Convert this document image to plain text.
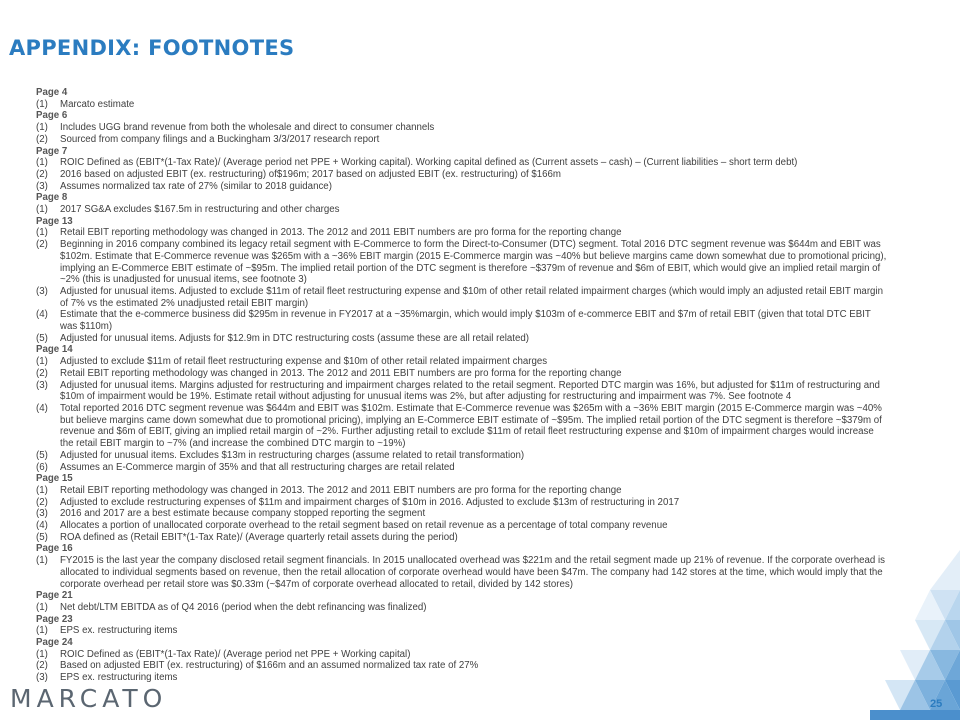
APPENDIX: FOOTNOTES
Page 4
(1)	Marcato estimate
Page 6
(1)	Includes UGG brand revenue from both the wholesale and direct to consumer channels
(2)	Sourced from company filings and a Buckingham 3/3/2017 research report
Page 7
(1)	ROIC Defined as (EBIT*(1-Tax Rate)/ (Average period net PPE + Working capital). Working capital defined as (Current assets – cash) – (Current liabilities – short term debt)
(2)	2016 based on adjusted EBIT (ex. restructuring) of$196m; 2017 based on adjusted EBIT (ex. restructuring) of $166m
(3)	Assumes normalized tax rate of 27% (similar to 2018 guidance)
Page 8
(1)	2017 SG&A excludes $167.5m in restructuring and other charges
Page 13
(1)	Retail EBIT reporting methodology was changed in 2013. The 2012 and 2011 EBIT numbers are pro forma for the reporting change
(2)	Beginning in 2016 company combined its legacy retail segment with E-Commerce to form the Direct-to-Consumer (DTC) segment. Total 2016 DTC segment revenue was $644m and EBIT was $102m. Estimate that E-Commerce revenue was $265m with a ~36% EBIT margin (2015 E-Commerce margin was ~40% but believe margins came down somewhat due to promotional pricing), implying an E-Commerce EBIT estimate of ~$95m. The implied retail portion of the DTC segment is therefore ~$379m of revenue and $6m of EBIT, which would give an implied retail margin of ~2% (this is unadjusted for unusual items, see footnote 3)
(3)	Adjusted for unusual items. Adjusted to exclude $11m of retail fleet restructuring expense and $10m of other retail related impairment charges (which would imply an adjusted retail EBIT margin of 7% vs the estimated 2% unadjusted retail EBIT margin)
(4)	Estimate that the e-commerce business did $295m in revenue in FY2017 at a ~35%margin, which would imply $103m of e-commerce EBIT and $7m of retail EBIT (given that total DTC EBIT was $110m)
(5)	Adjusted for unusual items. Adjusts for $12.9m in DTC restructuring costs (assume these are all retail related)
Page 14
(1)	Adjusted to exclude $11m of retail fleet restructuring expense and $10m of other retail related impairment charges
(2)	Retail EBIT reporting methodology was changed in 2013. The 2012 and 2011 EBIT numbers are pro forma for the reporting change
(3)	Adjusted for unusual items. Margins adjusted for restructuring and impairment charges related to the retail segment. Reported DTC margin was 16%, but adjusted for $11m of restructuring and $10m of impairment would be 19%. Estimate retail without adjusting for unusual items was 2%, but after adjusting for restructuring and impairment was 7%. See footnote 4
(4)	Total reported 2016 DTC segment revenue was $644m and EBIT was $102m. Estimate that E-Commerce revenue was $265m with a ~36% EBIT margin (2015 E-Commerce margin was ~40% but believe margins came down somewhat due to promotional pricing), implying an E-Commerce EBIT estimate of ~$95m. The implied retail portion of the DTC segment is therefore ~$379m of revenue and $6m of EBIT, giving an implied retail margin of ~2%. Further adjusting retail to exclude $11m of retail fleet restructuring expense and $10m of impairment charges would increase the retail EBIT margin to ~7% (and increase the combined DTC margin to ~19%)
(5)	Adjusted for unusual items. Excludes $13m in restructuring charges (assume related to retail transformation)
(6)	Assumes an E-Commerce margin of 35% and that all restructuring charges are retail related
Page 15
(1)	Retail EBIT reporting methodology was changed in 2013. The 2012 and 2011 EBIT numbers are pro forma for the reporting change
(2)	Adjusted to exclude restructuring expenses of $11m and impairment charges of $10m in 2016. Adjusted to exclude $13m of restructuring in 2017
(3)	2016 and 2017 are a best estimate because company stopped reporting the segment
(4)	Allocates a portion of unallocated corporate overhead to the retail segment based on retail revenue as a percentage of total company revenue
(5)	ROA defined as (Retail EBIT*(1-Tax Rate)/ (Average quarterly retail assets during the period)
Page 16
(1)	FY2015 is the last year the company disclosed retail segment financials. In 2015 unallocated overhead was $221m and the retail segment made up 21% of revenue. If the corporate overhead is allocated to individual segments based on revenue, then the retail allocation of corporate overhead would have been $47m. The company had 142 stores at the time, which would imply that the corporate overhead per retail store was $0.33m (~$47m of corporate overhead allocated to retail, divided by 142 stores)
Page 21
(1)	Net debt/LTM EBITDA as of Q4 2016 (period when the debt refinancing was finalized)
Page 23
(1)	EPS ex. restructuring items
Page 24
(1)	ROIC Defined as (EBIT*(1-Tax Rate)/ (Average period net PPE + Working capital)
(2)	Based on adjusted EBIT (ex. restructuring) of $166m and an assumed normalized tax rate of 27%
(3)	EPS ex. restructuring items
MARCATO	25
